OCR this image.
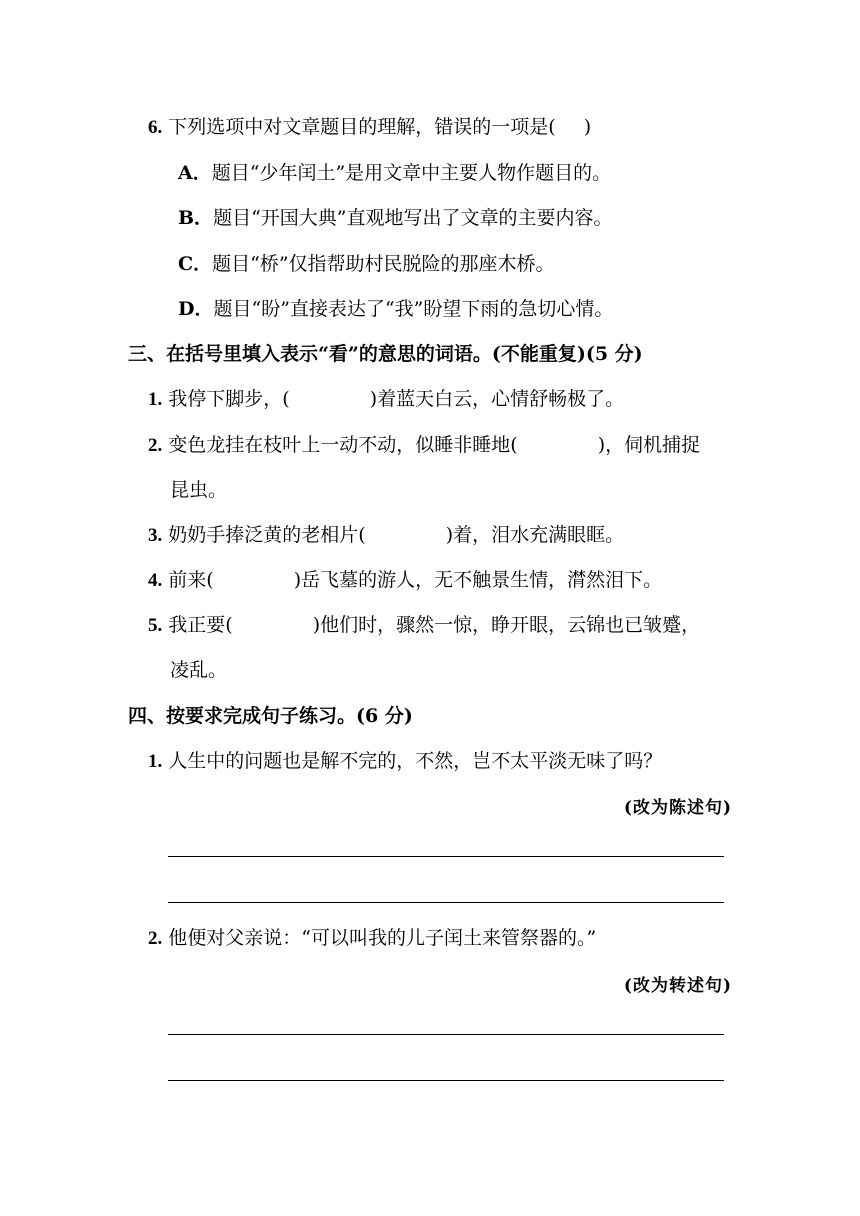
6. 下列选项中对文章题目的理解，错误的一项是( )
A．题目“少年闰土”是用文章中主要人物作题目的。
B．题目“开国大典”直观地写出了文章的主要内容。
C．题目“桥”仅指帮助村民脱险的那座木桥。
D．题目“盼”直接表达了“我”盼望下雨的急切心情。
三、在括号里填入表示“看”的意思的词语。(不能重复)(5 分)
1. 我停下脚步，(	)着蓝天白云，心情舒畅极了。
2. 变色龙挂在枝叶上一动不动，似睡非睡地(	)，伺机捕捉
昆虫。
3. 奶奶手捧泛黄的老相片(	)着，泪水充满眼眶。
4. 前来(	)岳飞墓的游人，无不触景生情，潸然泪下。
5. 我正要(	)他们时，骤然一惊，睁开眼，云锦也已皱蹙，
凌乱。
四、按要求完成句子练习。(6 分)
1. 人生中的问题也是解不完的，不然，岂不太平淡无味了吗？
(改为陈述句)
2. 他便对父亲说：“可以叫我的儿子闰土来管祭器的。”
(改为转述句)
